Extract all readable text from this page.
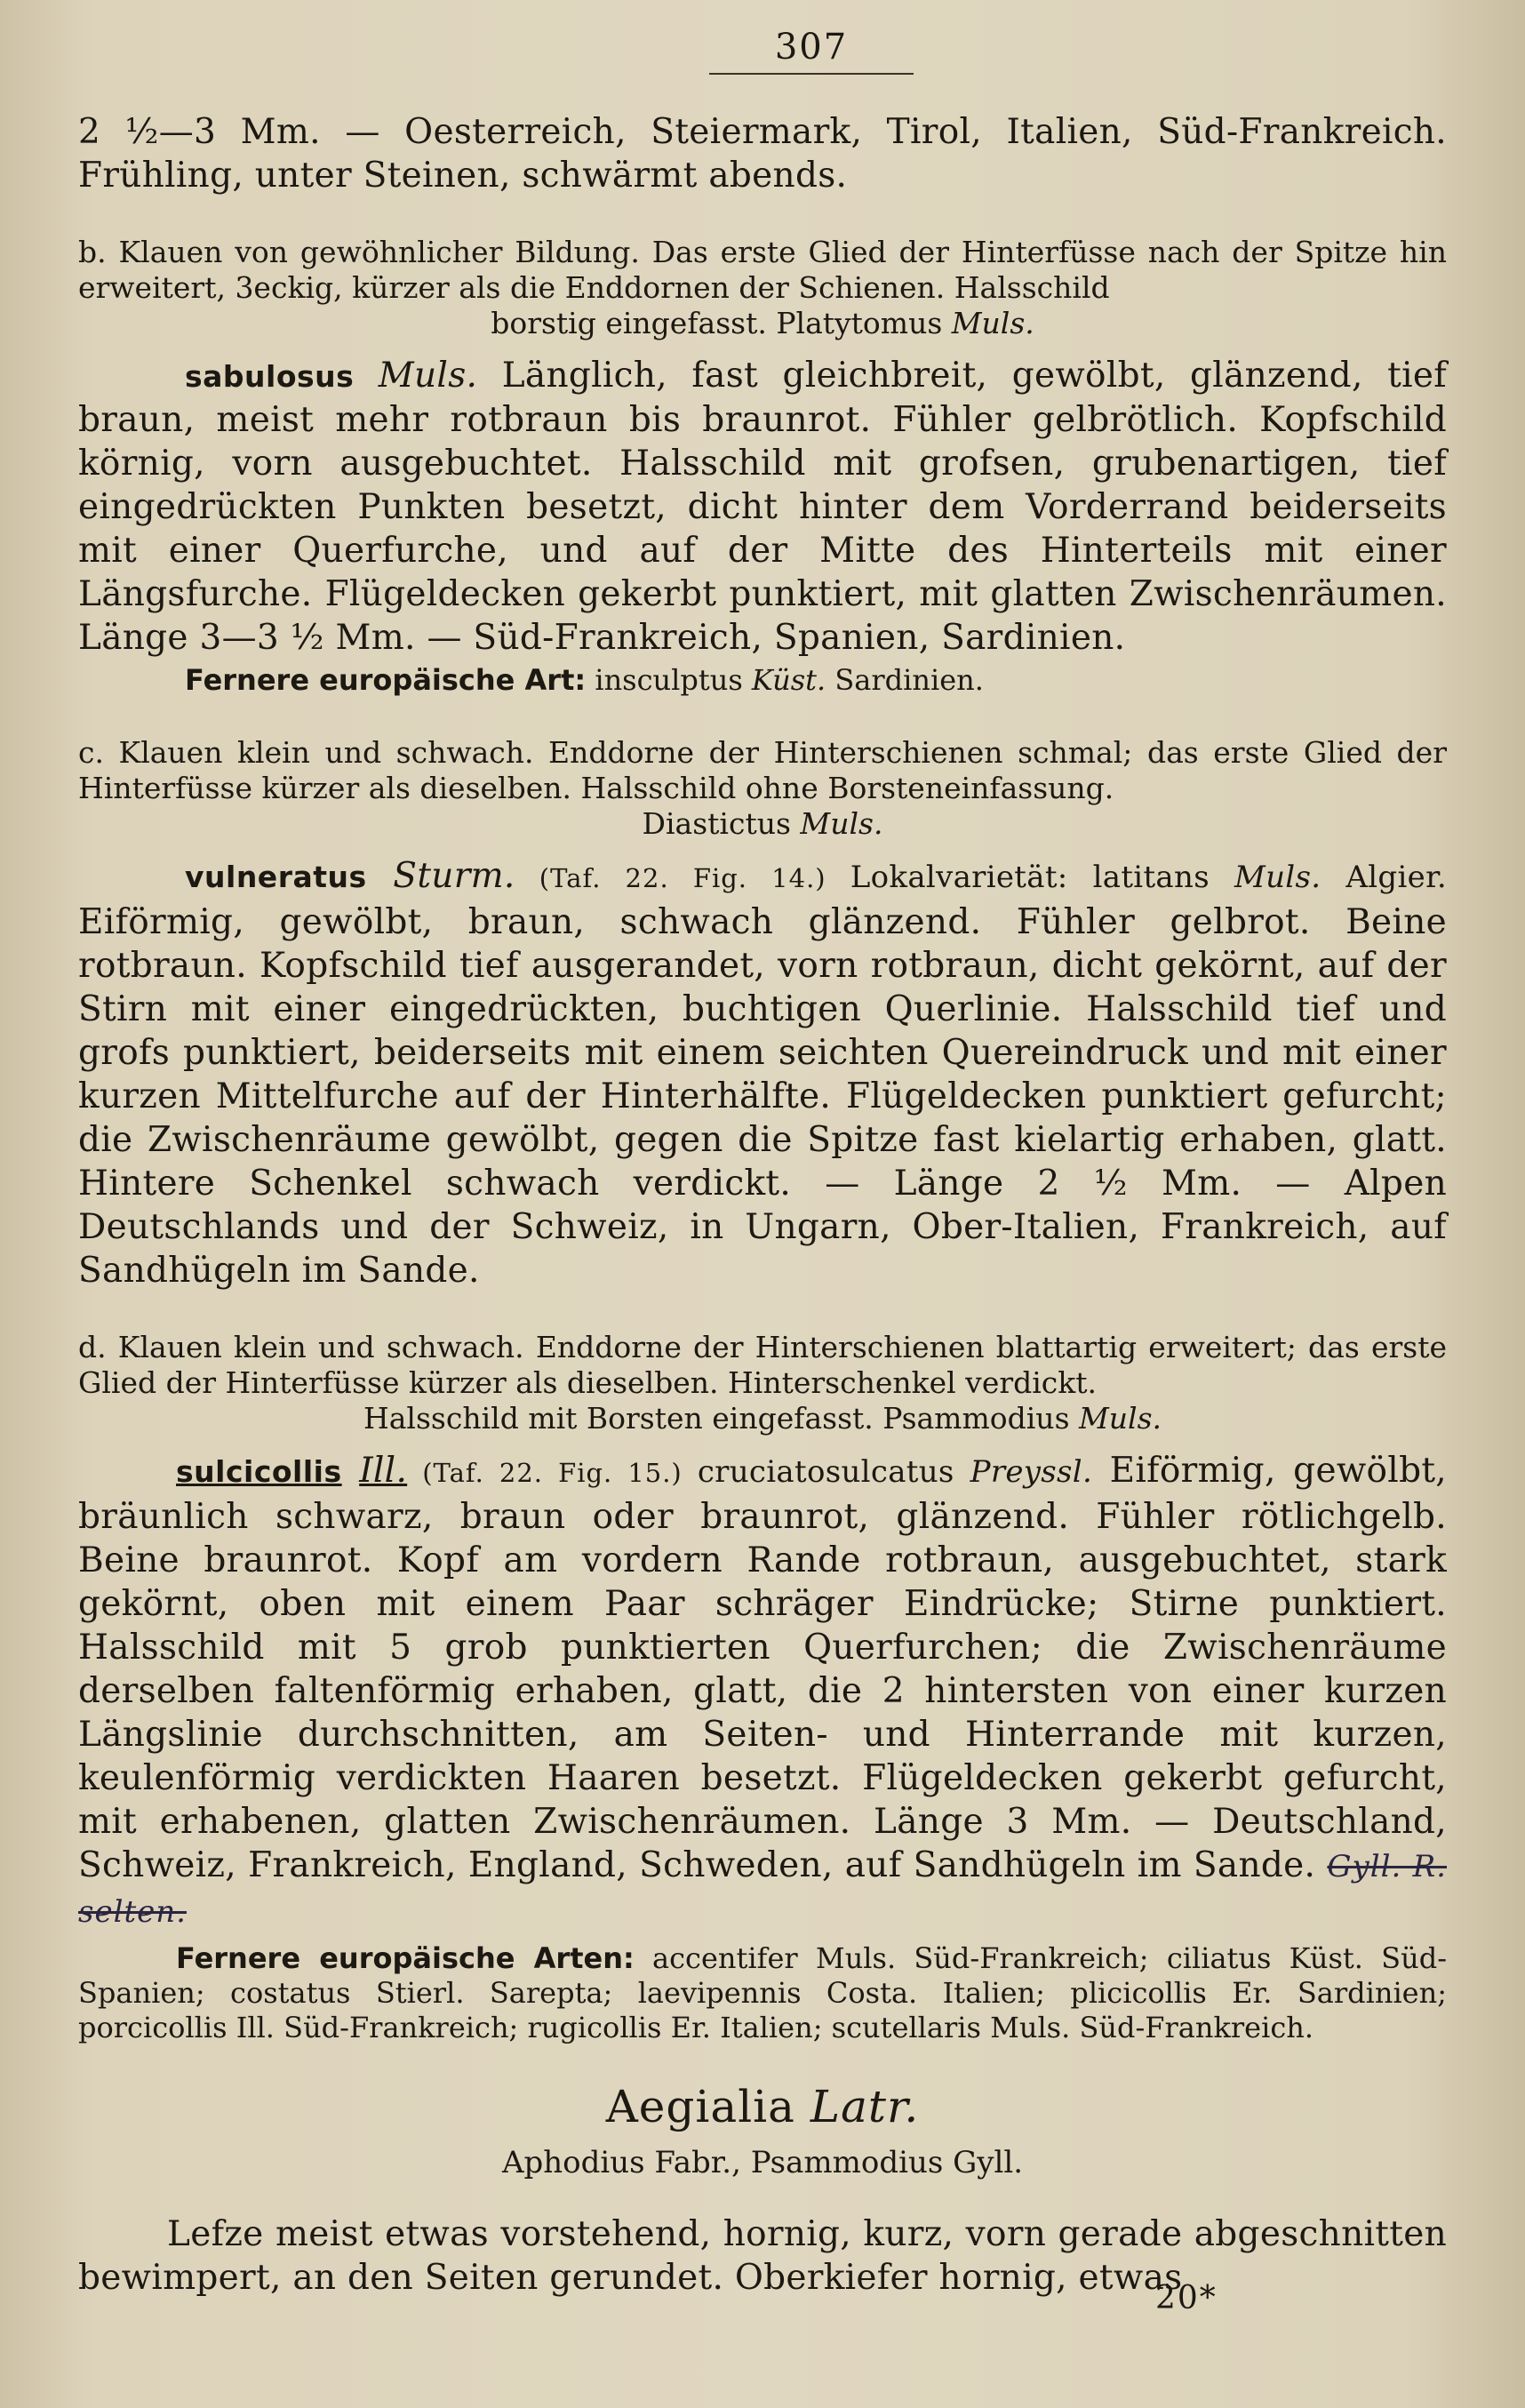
307

2 ½—3 Mm. — Oesterreich, Steiermark, Tirol, Italien, Süd-Frankreich. Frühling, unter Steinen, schwärmt abends.

b. Klauen von gewöhnlicher Bildung. Das erste Glied der Hinterfüsse nach der Spitze hin erweitert, 3eckig, kürzer als die Enddornen der Schienen. Halsschild
borstig eingefasst. Platytomus Muls.

sabulosus Muls. Länglich, fast gleichbreit, gewölbt, glänzend, tief braun, meist mehr rotbraun bis braunrot. Fühler gelbrötlich. Kopfschild körnig, vorn ausgebuchtet. Halsschild mit grofsen, grubenartigen, tief eingedrückten Punkten besetzt, dicht hinter dem Vorderrand beiderseits mit einer Querfurche, und auf der Mitte des Hinterteils mit einer Längsfurche. Flügeldecken gekerbt punktiert, mit glatten Zwischenräumen. Länge 3—3 ½ Mm. — Süd-Frankreich, Spanien, Sardinien.

Fernere europäische Art: insculptus Küst. Sardinien.

c. Klauen klein und schwach. Enddorne der Hinterschienen schmal; das erste Glied der Hinterfüsse kürzer als dieselben. Halsschild ohne Borsteneinfassung.
Diastictus Muls.

vulneratus Sturm. (Taf. 22. Fig. 14.) Lokalvarietät: latitans Muls. Algier. Eiförmig, gewölbt, braun, schwach glänzend. Fühler gelbrot. Beine rotbraun. Kopfschild tief ausgerandet, vorn rotbraun, dicht gekörnt, auf der Stirn mit einer eingedrückten, buchtigen Querlinie. Halsschild tief und grofs punktiert, beiderseits mit einem seichten Quereindruck und mit einer kurzen Mittelfurche auf der Hinterhälfte. Flügeldecken punktiert gefurcht; die Zwischenräume gewölbt, gegen die Spitze fast kielartig erhaben, glatt. Hintere Schenkel schwach verdickt. — Länge 2 ½ Mm. — Alpen Deutschlands und der Schweiz, in Ungarn, Ober-Italien, Frankreich, auf Sandhügeln im Sande.

d. Klauen klein und schwach. Enddorne der Hinterschienen blattartig erweitert; das erste Glied der Hinterfüsse kürzer als dieselben. Hinterschenkel verdickt.
Halsschild mit Borsten eingefasst. Psammodius Muls.

sulcicollis Ill. (Taf. 22. Fig. 15.) cruciatosulcatus Preyssl. Eiförmig, gewölbt, bräunlich schwarz, braun oder braunrot, glänzend. Fühler rötlichgelb. Beine braunrot. Kopf am vordern Rande rotbraun, ausgebuchtet, stark gekörnt, oben mit einem Paar schräger Eindrücke; Stirne punktiert. Halsschild mit 5 grob punktierten Querfurchen; die Zwischenräume derselben faltenförmig erhaben, glatt, die 2 hintersten von einer kurzen Längslinie durchschnitten, am Seiten- und Hinterrande mit kurzen, keulenförmig verdickten Haaren besetzt. Flügeldecken gekerbt gefurcht, mit erhabenen, glatten Zwischenräumen. Länge 3 Mm. — Deutschland, Schweiz, Frankreich, England, Schweden, auf Sandhügeln im Sande. Gyll. R. selten.

Fernere europäische Arten: accentifer Muls. Süd-Frankreich; ciliatus Küst. Süd-Spanien; costatus Stierl. Sarepta; laevipennis Costa. Italien; plicicollis Er. Sardinien; porcicollis Ill. Süd-Frankreich; rugicollis Er. Italien; scutellaris Muls. Süd-Frankreich.

Aegialia Latr.
Aphodius Fabr., Psammodius Gyll.

Lefze meist etwas vorstehend, hornig, kurz, vorn gerade abgeschnitten bewimpert, an den Seiten gerundet. Oberkiefer hornig, etwas

20*
